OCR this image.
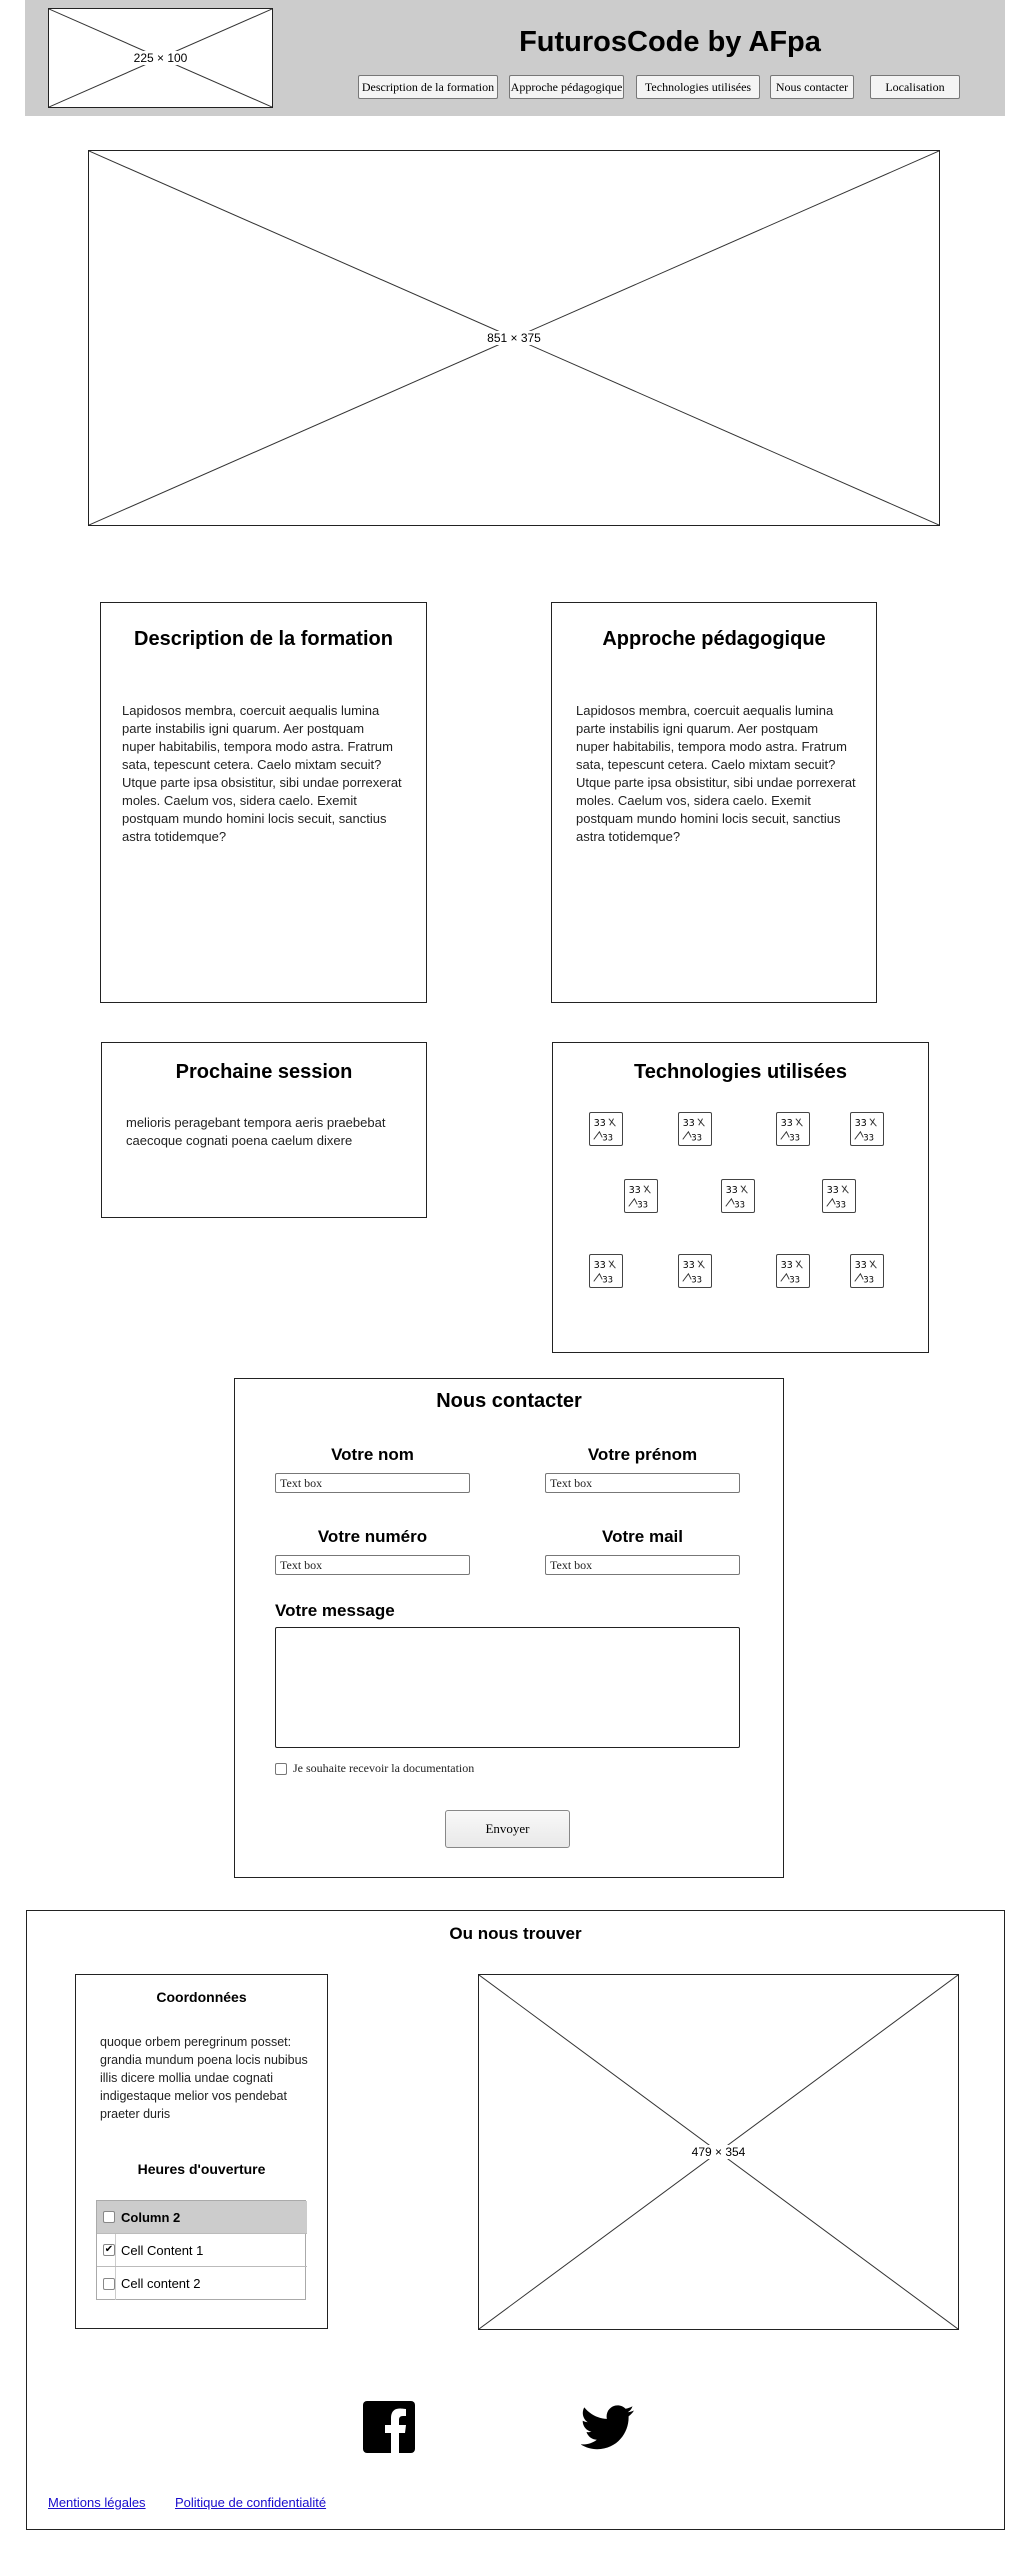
225 × 100	FuturosCode by AFpa
Description de la formation	Approche pédagogique	Technologies utilisées	Nous contacter	Localisation
851 × 375
Description de la formation
Lapidosos membra, coercuit aequalis lumina
parte instabilis igni quarum. Aer postquam
nuper habitabilis, tempora modo astra. Fratrum
sata, tepescunt cetera. Caelo mixtam secuit?
Utque parte ipsa obsistitur, sibi undae porrexerat
moles. Caelum vos, sidera caelo. Exemit
postquam mundo homini locis secuit, sanctius
astra totidemque?
Approche pédagogique
Lapidosos membra, coercuit aequalis lumina
parte instabilis igni quarum. Aer postquam
nuper habitabilis, tempora modo astra. Fratrum
sata, tepescunt cetera. Caelo mixtam secuit?
Utque parte ipsa obsistitur, sibi undae porrexerat
moles. Caelum vos, sidera caelo. Exemit
postquam mundo homini locis secuit, sanctius
astra totidemque?
Prochaine session
melioris peragebant tempora aeris praebebat
caecoque cognati poena caelum dixere
Technologies utilisées
33
33
33
33
33
33
33
33
33
33
33
33
33
33
33
33
33
33
33
33
33
33
Nous contacter
Votre nom
Text box
Votre prénom
Text box
Votre numéro
Text box
Votre mail
Text box
Votre message
Je souhaite recevoir la documentation
Envoyer
Ou nous trouver
Coordonnées
quoque orbem peregrinum posset:
grandia mundum poena locis nubibus
illis dicere mollia undae cognati
indigestaque melior vos pendebat
praeter duris
Heures d'ouverture
Column 2
✔ Cell Content 1
Cell content 2
479 × 354
Mentions légales Politique de confidentialité
